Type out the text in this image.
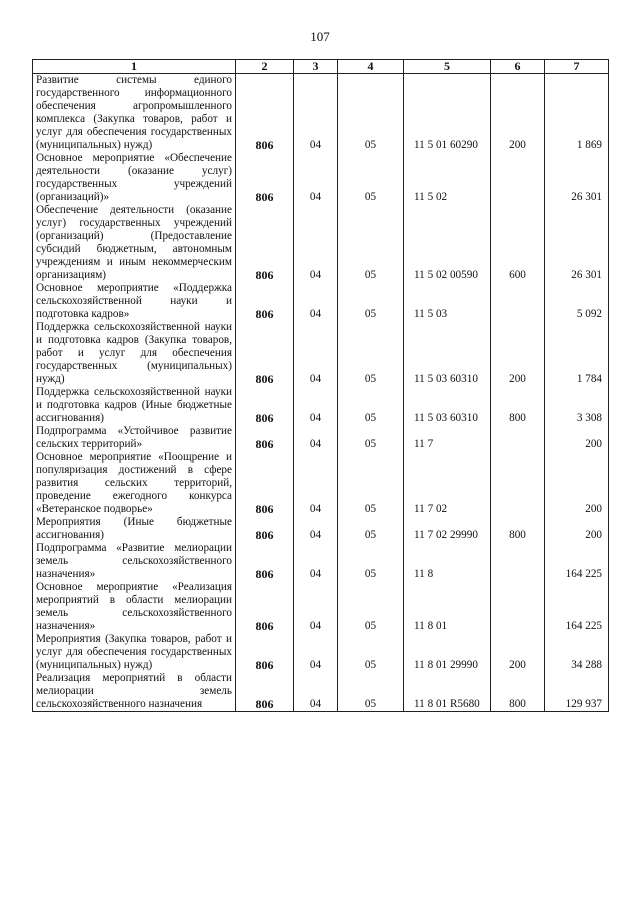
107
1	2	3	4	5	6	7
Развитие системы единого государственного информационного обеспечения агропромышленного комплекса (Закупка товаров, работ и услуг для обеспечения государственных (муниципальных) нужд)	806	04	05	11 5 01 60290	200	1 869
Основное мероприятие «Обеспечение деятельности (оказание услуг) государственных учреждений (организаций)»	806	04	05	11 5 02		26 301
Обеспечение деятельности (оказание услуг) государственных учреждений (организаций) (Предоставление субсидий бюджетным, автономным учреждениям и иным некоммерческим организациям)	806	04	05	11 5 02 00590	600	26 301
Основное мероприятие «Поддержка сельскохозяйственной науки и подготовка кадров»	806	04	05	11 5 03		5 092
Поддержка сельскохозяйственной науки и подготовка кадров (Закупка товаров, работ и услуг для обеспечения государственных (муниципальных) нужд)	806	04	05	11 5 03 60310	200	1 784
Поддержка сельскохозяйственной науки и подготовка кадров (Иные бюджетные ассигнования)	806	04	05	11 5 03 60310	800	3 308
Подпрограмма «Устойчивое развитие сельских территорий»	806	04	05	11 7		200
Основное мероприятие «Поощрение и популяризация достижений в сфере развития сельских территорий, проведение ежегодного конкурса «Ветеранское подворье»	806	04	05	11 7 02		200
Мероприятия (Иные бюджетные ассигнования)	806	04	05	11 7 02 29990	800	200
Подпрограмма «Развитие мелиорации земель сельскохозяйственного назначения»	806	04	05	11 8		164 225
Основное мероприятие «Реализация мероприятий в области мелиорации земель сельскохозяйственного назначения»	806	04	05	11 8 01		164 225
Мероприятия (Закупка товаров, работ и услуг для обеспечения государственных (муниципальных) нужд)	806	04	05	11 8 01 29990	200	34 288
Реализация мероприятий в области мелиорации земель сельскохозяйственного назначения	806	04	05	11 8 01 R5680	800	129 937
